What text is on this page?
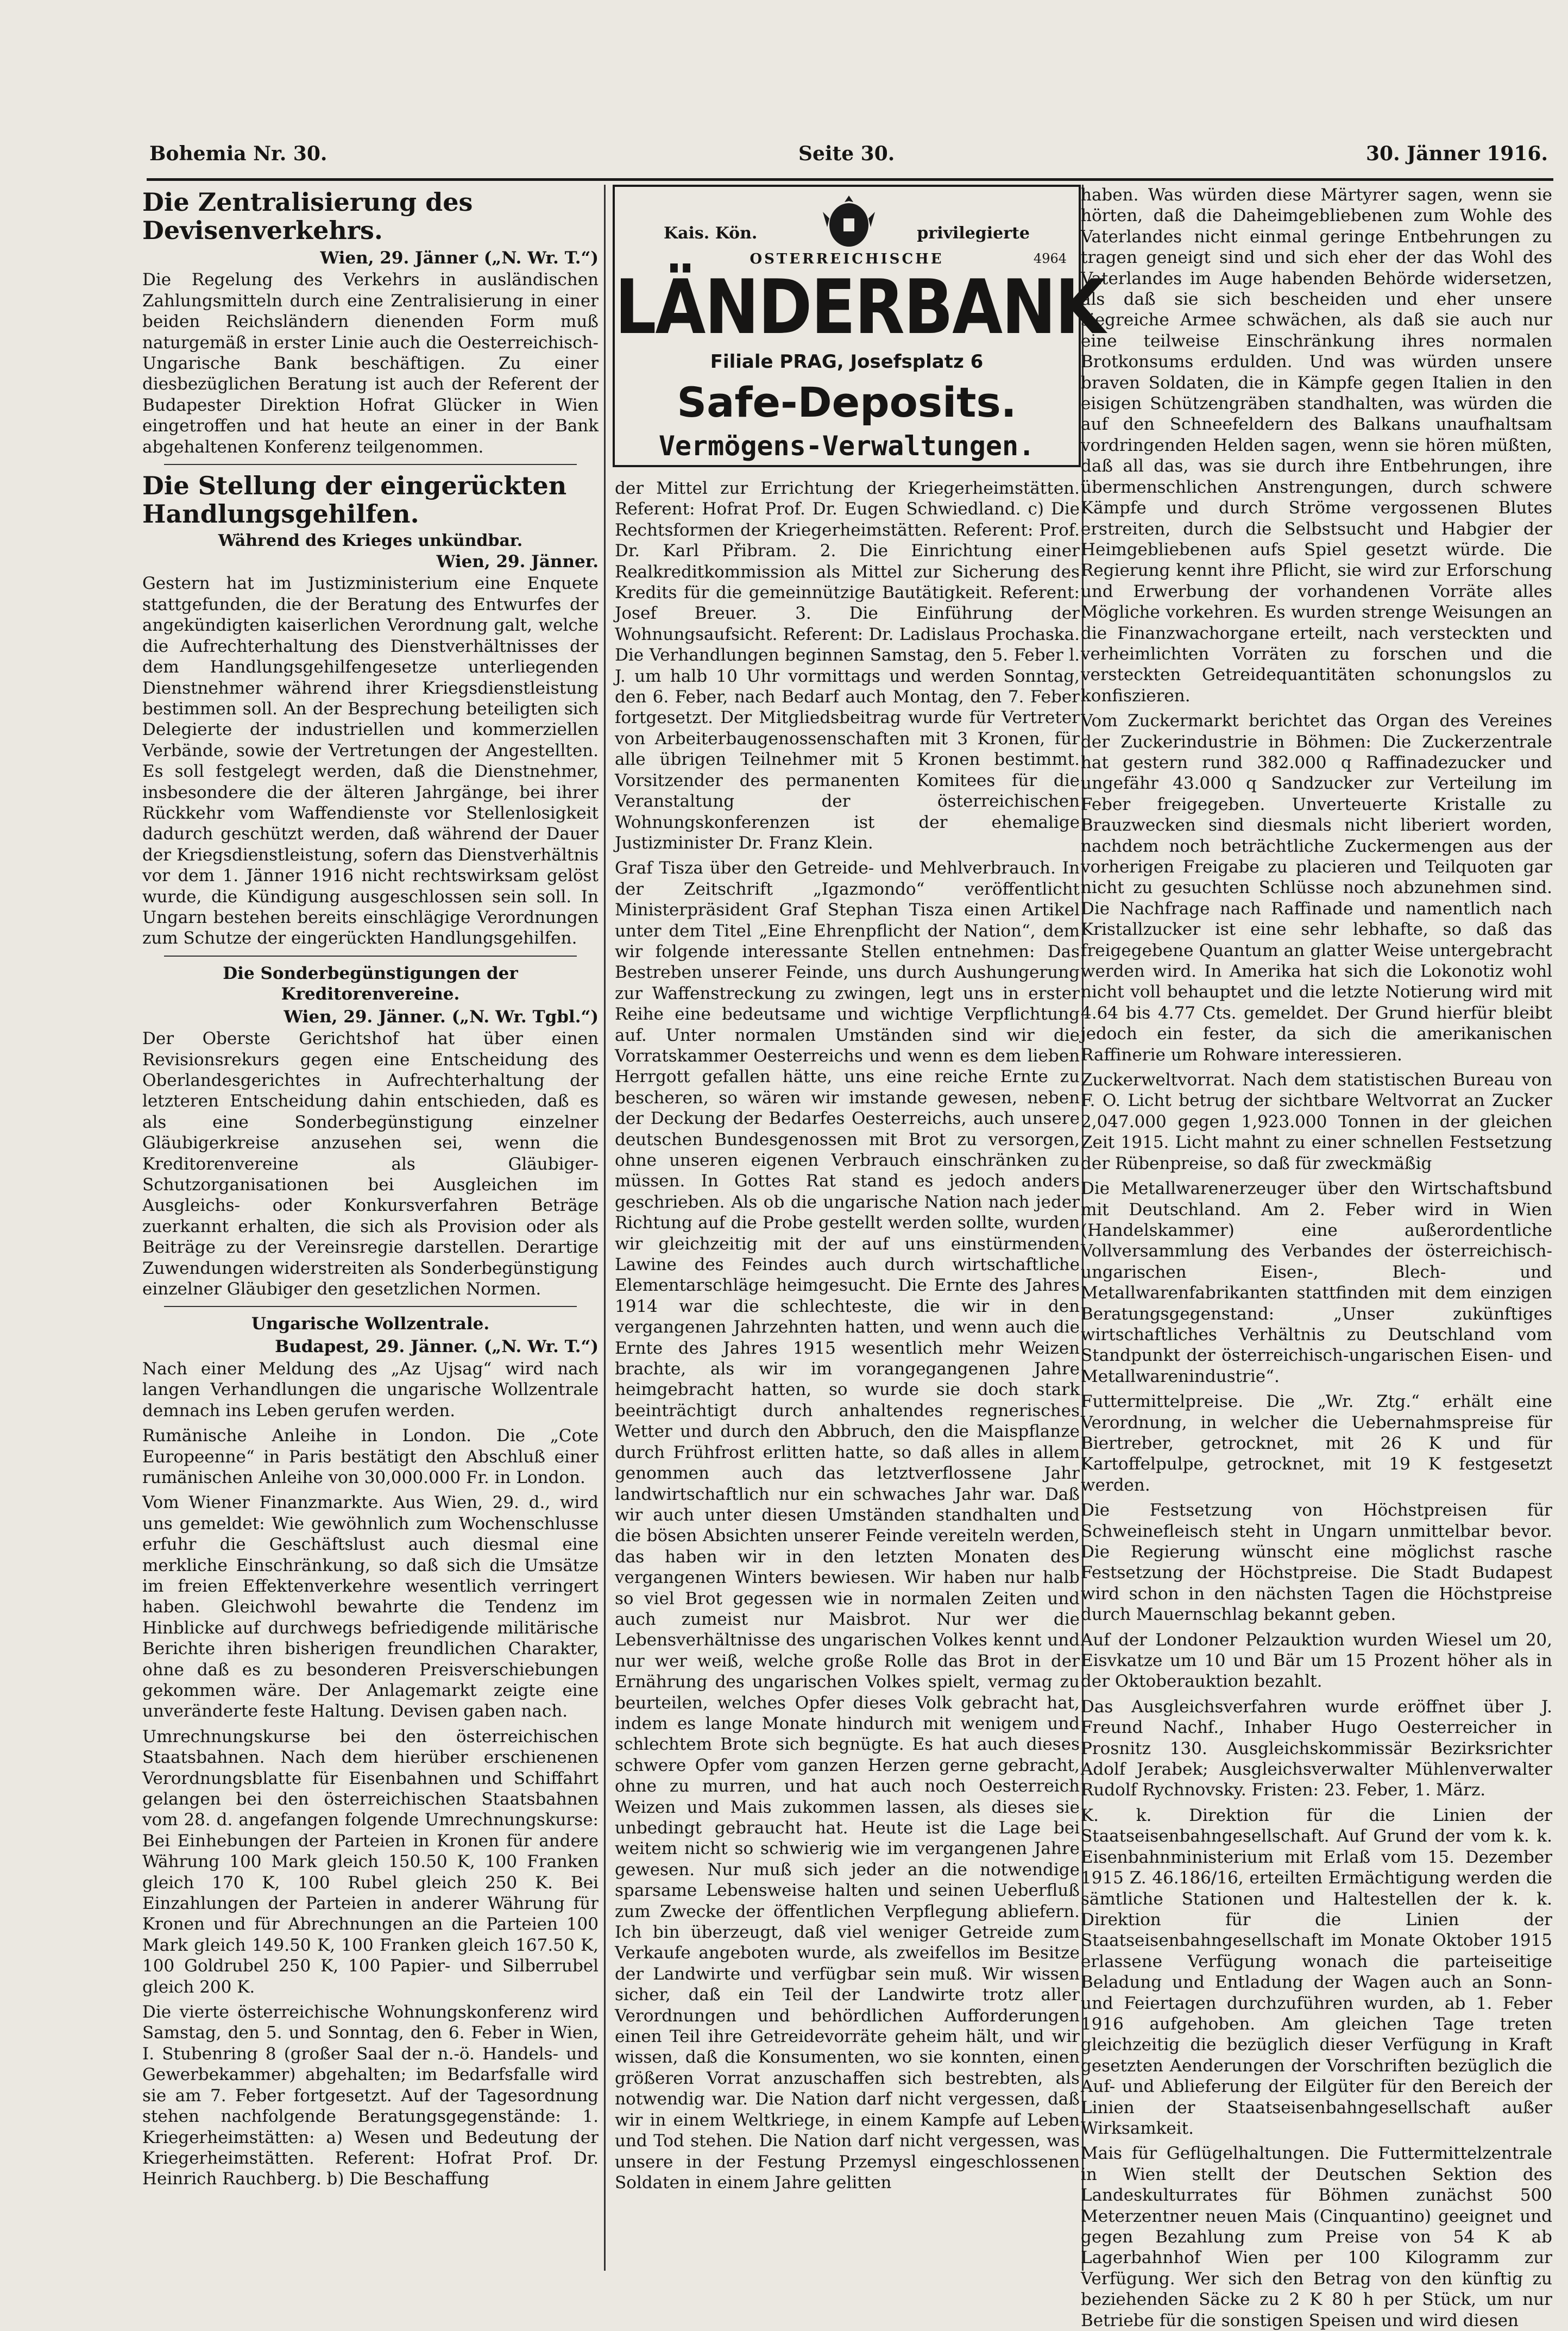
Bohemia Nr. 30.	Seite 30.	30. Jänner 1916.
Die Zentralisierung des Devisenverkehrs.

Wien, 29. Jänner („N. Wr. T.“)

Die Regelung des Verkehrs in ausländischen Zahlungsmitteln durch eine Zentralisierung in einer beiden Reichsländern dienenden Form muß naturgemäß in erster Linie auch die Oesterreichisch-Ungarische Bank beschäftigen. Zu einer diesbezüglichen Beratung ist auch der Referent der Budapester Direktion Hofrat Glücker in Wien eingetroffen und hat heute an einer in der Bank abgehaltenen Konferenz teilgenommen.

Die Stellung der eingerückten Handlungsgehilfen.
Während des Krieges unkündbar.

Wien, 29. Jänner.

Gestern hat im Justizministerium eine Enquete stattgefunden, die der Beratung des Entwurfes der angekündigten kaiserlichen Verordnung galt, welche die Aufrechterhaltung des Dienstverhältnisses der dem Handlungsgehilfengesetze unterliegenden Dienstnehmer während ihrer Kriegsdienstleistung bestimmen soll. An der Besprechung beteiligten sich Delegierte der industriellen und kommerziellen Verbände, sowie der Vertretungen der Angestellten. Es soll festgelegt werden, daß die Dienstnehmer, insbesondere die der älteren Jahrgänge, bei ihrer Rückkehr vom Waffendienste vor Stellenlosigkeit dadurch geschützt werden, daß während der Dauer der Kriegsdienstleistung, sofern das Dienstverhältnis vor dem 1. Jänner 1916 nicht rechtswirksam gelöst wurde, die Kündigung ausgeschlossen sein soll. In Ungarn bestehen bereits einschlägige Verordnungen zum Schutze der eingerückten Handlungsgehilfen.

Die Sonderbegünstigungen der Kreditorenvereine.

Wien, 29. Jänner. („N. Wr. Tgbl.“)

Der Oberste Gerichtshof hat über einen Revisionsrekurs gegen eine Entscheidung des Oberlandesgerichtes in Aufrechterhaltung der letzteren Entscheidung dahin entschieden, daß es als eine Sonderbegünstigung einzelner Gläubigerkreise anzusehen sei, wenn die Kreditorenvereine als Gläubiger-Schutzorganisationen bei Ausgleichen im Ausgleichs- oder Konkursverfahren Beträge zuerkannt erhalten, die sich als Provision oder als Beiträge zu der Vereinsregie darstellen. Derartige Zuwendungen widerstreiten als Sonderbegünstigung einzelner Gläubiger den gesetzlichen Normen.

Ungarische Wollzentrale.

Budapest, 29. Jänner. („N. Wr. T.“)

Nach einer Meldung des „Az Ujsag“ wird nach langen Verhandlungen die ungarische Wollzentrale demnach ins Leben gerufen werden.

Rumänische Anleihe in London. Die „Cote Europeenne“ in Paris bestätigt den Abschluß einer rumänischen Anleihe von 30,000.000 Fr. in London.

Vom Wiener Finanzmarkte. Aus Wien, 29. d., wird uns gemeldet: Wie gewöhnlich zum Wochenschlusse erfuhr die Geschäftslust auch diesmal eine merkliche Einschränkung, so daß sich die Umsätze im freien Effektenverkehre wesentlich verringert haben. Gleichwohl bewahrte die Tendenz im Hinblicke auf durchwegs befriedigende militärische Berichte ihren bisherigen freundlichen Charakter, ohne daß es zu besonderen Preisverschiebungen gekommen wäre. Der Anlagemarkt zeigte eine unveränderte feste Haltung. Devisen gaben nach.

Umrechnungskurse bei den österreichischen Staatsbahnen. Nach dem hierüber erschienenen Verordnungsblatte für Eisenbahnen und Schiffahrt gelangen bei den österreichischen Staatsbahnen vom 28. d. angefangen folgende Umrechnungskurse: Bei Einhebungen der Parteien in Kronen für andere Währung 100 Mark gleich 150.50 K, 100 Franken gleich 170 K, 100 Rubel gleich 250 K. Bei Einzahlungen der Parteien in anderer Währung für Kronen und für Abrechnungen an die Parteien 100 Mark gleich 149.50 K, 100 Franken gleich 167.50 K, 100 Goldrubel 250 K, 100 Papier- und Silberrubel gleich 200 K.

Die vierte österreichische Wohnungskonferenz wird Samstag, den 5. und Sonntag, den 6. Feber in Wien, I. Stubenring 8 (großer Saal der n.-ö. Handels- und Gewerbekammer) abgehalten; im Bedarfsfalle wird sie am 7. Feber fortgesetzt. Auf der Tagesordnung stehen nachfolgende Beratungsgegenstände: 1. Kriegerheimstätten: a) Wesen und Bedeutung der Kriegerheimstätten. Referent: Hofrat Prof. Dr. Heinrich Rauchberg. b) Die Beschaffung

Kais. Kön.	privilegierte
OSTERREICHISCHE	4964
LÄNDERBANK
Filiale PRAG, Josefsplatz 6
Safe-Deposits.
Vermögens-Verwaltungen.

der Mittel zur Errichtung der Kriegerheimstätten. Referent: Hofrat Prof. Dr. Eugen Schwiedland. c) Die Rechtsformen der Kriegerheimstätten. Referent: Prof. Dr. Karl Přibram. 2. Die Einrichtung einer Realkreditkommission als Mittel zur Sicherung des Kredits für die gemeinnützige Bautätigkeit. Referent: Josef Breuer. 3. Die Einführung der Wohnungsaufsicht. Referent: Dr. Ladislaus Prochaska. Die Verhandlungen beginnen Samstag, den 5. Feber l. J. um halb 10 Uhr vormittags und werden Sonntag, den 6. Feber, nach Bedarf auch Montag, den 7. Feber fortgesetzt. Der Mitgliedsbeitrag wurde für Vertreter von Arbeiterbaugenossenschaften mit 3 Kronen, für alle übrigen Teilnehmer mit 5 Kronen bestimmt. Vorsitzender des permanenten Komitees für die Veranstaltung der österreichischen Wohnungskonferenzen ist der ehemalige Justizminister Dr. Franz Klein.

Graf Tisza über den Getreide- und Mehlverbrauch. In der Zeitschrift „Igazmondo“ veröffentlicht Ministerpräsident Graf Stephan Tisza einen Artikel unter dem Titel „Eine Ehrenpflicht der Nation“, dem wir folgende interessante Stellen entnehmen: Das Bestreben unserer Feinde, uns durch Aushungerung zur Waffenstreckung zu zwingen, legt uns in erster Reihe eine bedeutsame und wichtige Verpflichtung auf. Unter normalen Umständen sind wir die Vorratskammer Oesterreichs und wenn es dem lieben Herrgott gefallen hätte, uns eine reiche Ernte zu bescheren, so wären wir imstande gewesen, neben der Deckung der Bedarfes Oesterreichs, auch unsere deutschen Bundesgenossen mit Brot zu versorgen, ohne unseren eigenen Verbrauch einschränken zu müssen. In Gottes Rat stand es jedoch anders geschrieben. Als ob die ungarische Nation nach jeder Richtung auf die Probe gestellt werden sollte, wurden wir gleichzeitig mit der auf uns einstürmenden Lawine des Feindes auch durch wirtschaftliche Elementarschläge heimgesucht. Die Ernte des Jahres 1914 war die schlechteste, die wir in den vergangenen Jahrzehnten hatten, und wenn auch die Ernte des Jahres 1915 wesentlich mehr Weizen brachte, als wir im vorangegangenen Jahre heimgebracht hatten, so wurde sie doch stark beeinträchtigt durch anhaltendes regnerisches Wetter und durch den Abbruch, den die Maispflanze durch Frühfrost erlitten hatte, so daß alles in allem genommen auch das letztverflossene Jahr landwirtschaftlich nur ein schwaches Jahr war. Daß wir auch unter diesen Umständen standhalten und die bösen Absichten unserer Feinde vereiteln werden, das haben wir in den letzten Monaten des vergangenen Winters bewiesen. Wir haben nur halb so viel Brot gegessen wie in normalen Zeiten und auch zumeist nur Maisbrot. Nur wer die Lebensverhältnisse des ungarischen Volkes kennt und nur wer weiß, welche große Rolle das Brot in der Ernährung des ungarischen Volkes spielt, vermag zu beurteilen, welches Opfer dieses Volk gebracht hat, indem es lange Monate hindurch mit wenigem und schlechtem Brote sich begnügte. Es hat auch dieses schwere Opfer vom ganzen Herzen gerne gebracht, ohne zu murren, und hat auch noch Oesterreich Weizen und Mais zukommen lassen, als dieses sie unbedingt gebraucht hat. Heute ist die Lage bei weitem nicht so schwierig wie im vergangenen Jahre gewesen. Nur muß sich jeder an die notwendige sparsame Lebensweise halten und seinen Ueberfluß zum Zwecke der öffentlichen Verpflegung abliefern. Ich bin überzeugt, daß viel weniger Getreide zum Verkaufe angeboten wurde, als zweifellos im Besitze der Landwirte und verfügbar sein muß. Wir wissen sicher, daß ein Teil der Landwirte trotz aller Verordnungen und behördlichen Aufforderungen einen Teil ihre Getreidevorräte geheim hält, und wir wissen, daß die Konsumenten, wo sie konnten, einen größeren Vorrat anzuschaffen sich bestrebten, als notwendig war. Die Nation darf nicht vergessen, daß wir in einem Weltkriege, in einem Kampfe auf Leben und Tod stehen. Die Nation darf nicht vergessen, was unsere in der Festung Przemysl eingeschlossenen Soldaten in einem Jahre gelitten

haben. Was würden diese Märtyrer sagen, wenn sie hörten, daß die Daheimgebliebenen zum Wohle des Vaterlandes nicht einmal geringe Entbehrungen zu tragen geneigt sind und sich eher der das Wohl des Vaterlandes im Auge habenden Behörde widersetzen, als daß sie sich bescheiden und eher unsere siegreiche Armee schwächen, als daß sie auch nur eine teilweise Einschränkung ihres normalen Brotkonsums erdulden. Und was würden unsere braven Soldaten, die in Kämpfe gegen Italien in den eisigen Schützengräben standhalten, was würden die auf den Schneefeldern des Balkans unaufhaltsam vordringenden Helden sagen, wenn sie hören müßten, daß all das, was sie durch ihre Entbehrungen, ihre übermenschlichen Anstrengungen, durch schwere Kämpfe und durch Ströme vergossenen Blutes erstreiten, durch die Selbstsucht und Habgier der Heimgebliebenen aufs Spiel gesetzt würde. Die Regierung kennt ihre Pflicht, sie wird zur Erforschung und Erwerbung der vorhandenen Vorräte alles Mögliche vorkehren. Es wurden strenge Weisungen an die Finanzwachorgane erteilt, nach versteckten und verheimlichten Vorräten zu forschen und die versteckten Getreidequantitäten schonungslos zu konfiszieren.

Vom Zuckermarkt berichtet das Organ des Vereines der Zuckerindustrie in Böhmen: Die Zuckerzentrale hat gestern rund 382.000 q Raffinadezucker und ungefähr 43.000 q Sandzucker zur Verteilung im Feber freigegeben. Unverteuerte Kristalle zu Brauzwecken sind diesmals nicht liberiert worden, nachdem noch beträchtliche Zuckermengen aus der vorherigen Freigabe zu placieren und Teilquoten gar nicht zu gesuchten Schlüsse noch abzunehmen sind. Die Nachfrage nach Raffinade und namentlich nach Kristallzucker ist eine sehr lebhafte, so daß das freigegebene Quantum an glatter Weise untergebracht werden wird. In Amerika hat sich die Lokonotiz wohl nicht voll behauptet und die letzte Notierung wird mit 4.64 bis 4.77 Cts. gemeldet. Der Grund hierfür bleibt jedoch ein fester, da sich die amerikanischen Raffinerie um Rohware interessieren.

Zuckerweltvorrat. Nach dem statistischen Bureau von F. O. Licht betrug der sichtbare Weltvorrat an Zucker 2,047.000 gegen 1,923.000 Tonnen in der gleichen Zeit 1915. Licht mahnt zu einer schnellen Festsetzung der Rübenpreise, so daß für zweckmäßig

Die Metallwarenerzeuger über den Wirtschaftsbund mit Deutschland. Am 2. Feber wird in Wien (Handelskammer) eine außerordentliche Vollversammlung des Verbandes der österreichisch-ungarischen Eisen-, Blech- und Metallwarenfabrikanten stattfinden mit dem einzigen Beratungsgegenstand: „Unser zukünftiges wirtschaftliches Verhältnis zu Deutschland vom Standpunkt der österreichisch-ungarischen Eisen- und Metallwarenindustrie“.

Futtermittelpreise. Die „Wr. Ztg.“ erhält eine Verordnung, in welcher die Uebernahmspreise für Biertreber, getrocknet, mit 26 K und für Kartoffelpulpe, getrocknet, mit 19 K festgesetzt werden.

Die Festsetzung von Höchstpreisen für Schweinefleisch steht in Ungarn unmittelbar bevor. Die Regierung wünscht eine möglichst rasche Festsetzung der Höchstpreise. Die Stadt Budapest wird schon in den nächsten Tagen die Höchstpreise durch Mauernschlag bekannt geben.

Auf der Londoner Pelzauktion wurden Wiesel um 20, Eisvkatze um 10 und Bär um 15 Prozent höher als in der Oktoberauktion bezahlt.

Das Ausgleichsverfahren wurde eröffnet über J. Freund Nachf., Inhaber Hugo Oesterreicher in Prosnitz 130. Ausgleichskommissär Bezirksrichter Adolf Jerabek; Ausgleichsverwalter Mühlenverwalter Rudolf Rychnovsky. Fristen: 23. Feber, 1. März.

K. k. Direktion für die Linien der Staatseisenbahngesellschaft. Auf Grund der vom k. k. Eisenbahnministerium mit Erlaß vom 15. Dezember 1915 Z. 46.186/16, erteilten Ermächtigung werden die sämtliche Stationen und Haltestellen der k. k. Direktion für die Linien der Staatseisenbahngesellschaft im Monate Oktober 1915 erlassene Verfügung wonach die parteiseitige Beladung und Entladung der Wagen auch an Sonn- und Feiertagen durchzuführen wurden, ab 1. Feber 1916 aufgehoben. Am gleichen Tage treten gleichzeitig die bezüglich dieser Verfügung in Kraft gesetzten Aenderungen der Vorschriften bezüglich die Auf- und Ablieferung der Eilgüter für den Bereich der Linien der Staatseisenbahngesellschaft außer Wirksamkeit.

Mais für Geflügelhaltungen. Die Futtermittelzentrale in Wien stellt der Deutschen Sektion des Landeskulturrates für Böhmen zunächst 500 Meterzentner neuen Mais (Cinquantino) geeignet und gegen Bezahlung zum Preise von 54 K ab Lagerbahnhof Wien per 100 Kilogramm zur Verfügung. Wer sich den Betrag von den künftig zu beziehenden Säcke zu 2 K 80 h per Stück, um nur Betriebe für die sonstigen Speisen und wird diesen
